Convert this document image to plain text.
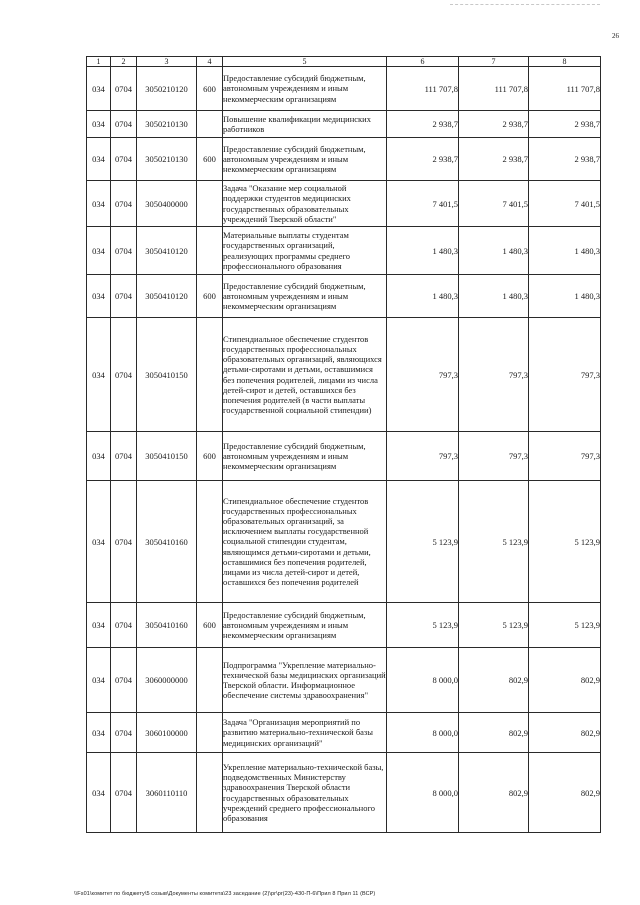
26
1	2	3	4	5	6	7	8
034	0704	3050210120	600	Предоставление субсидий бюджетным, автономным учреждениям и иным некоммерческим организациям	111 707,8	111 707,8	111 707,8
034	0704	3050210130		Повышение квалификации медицинских работников	2 938,7	2 938,7	2 938,7
034	0704	3050210130	600	Предоставление субсидий бюджетным, автономным учреждениям и иным некоммерческим организациям	2 938,7	2 938,7	2 938,7
034	0704	3050400000		Задача "Оказание мер социальной поддержки студентов медицинских государственных образовательных учреждений Тверской области"	7 401,5	7 401,5	7 401,5
034	0704	3050410120		Материальные выплаты студентам государственных организаций, реализующих программы среднего профессионального образования	1 480,3	1 480,3	1 480,3
034	0704	3050410120	600	Предоставление субсидий бюджетным, автономным учреждениям и иным некоммерческим организациям	1 480,3	1 480,3	1 480,3
034	0704	3050410150		Стипендиальное обеспечение студентов государственных профессиональных образовательных организаций, являющихся детьми-сиротами и детьми, оставшимися без попечения родителей, лицами из числа детей-сирот и детей, оставшихся без попечения родителей (в части выплаты государственной социальной стипендии)	797,3	797,3	797,3
034	0704	3050410150	600	Предоставление субсидий бюджетным, автономным учреждениям и иным некоммерческим организациям	797,3	797,3	797,3
034	0704	3050410160		Стипендиальное обеспечение студентов государственных профессиональных образовательных организаций, за исключением выплаты государственной социальной стипендии студентам, являющимся детьми-сиротами и детьми, оставшимися без попечения родителей, лицами из числа детей-сирот и детей, оставшихся без попечения родителей	5 123,9	5 123,9	5 123,9
034	0704	3050410160	600	Предоставление субсидий бюджетным, автономным учреждениям и иным некоммерческим организациям	5 123,9	5 123,9	5 123,9
034	0704	3060000000		Подпрограмма "Укрепление материально-технической базы медицинских организаций Тверской области. Информационное обеспечение системы здравоохранения"	8 000,0	802,9	802,9
034	0704	3060100000		Задача "Организация мероприятий по развитию материально-технической базы медицинских организаций"	8 000,0	802,9	802,9
034	0704	3060110110		Укрепление материально-технической базы, подведомственных Министерству здравоохранения Тверской области государственных образовательных учреждений среднего профессионального образования	8 000,0	802,9	802,9
\\Fs01\комитет по бюджету\5 созыв\Документы комитета\23 заседание (2)\pr\pr(23)-430-П-6\Прил 8 Прил 11 (ВСР)
